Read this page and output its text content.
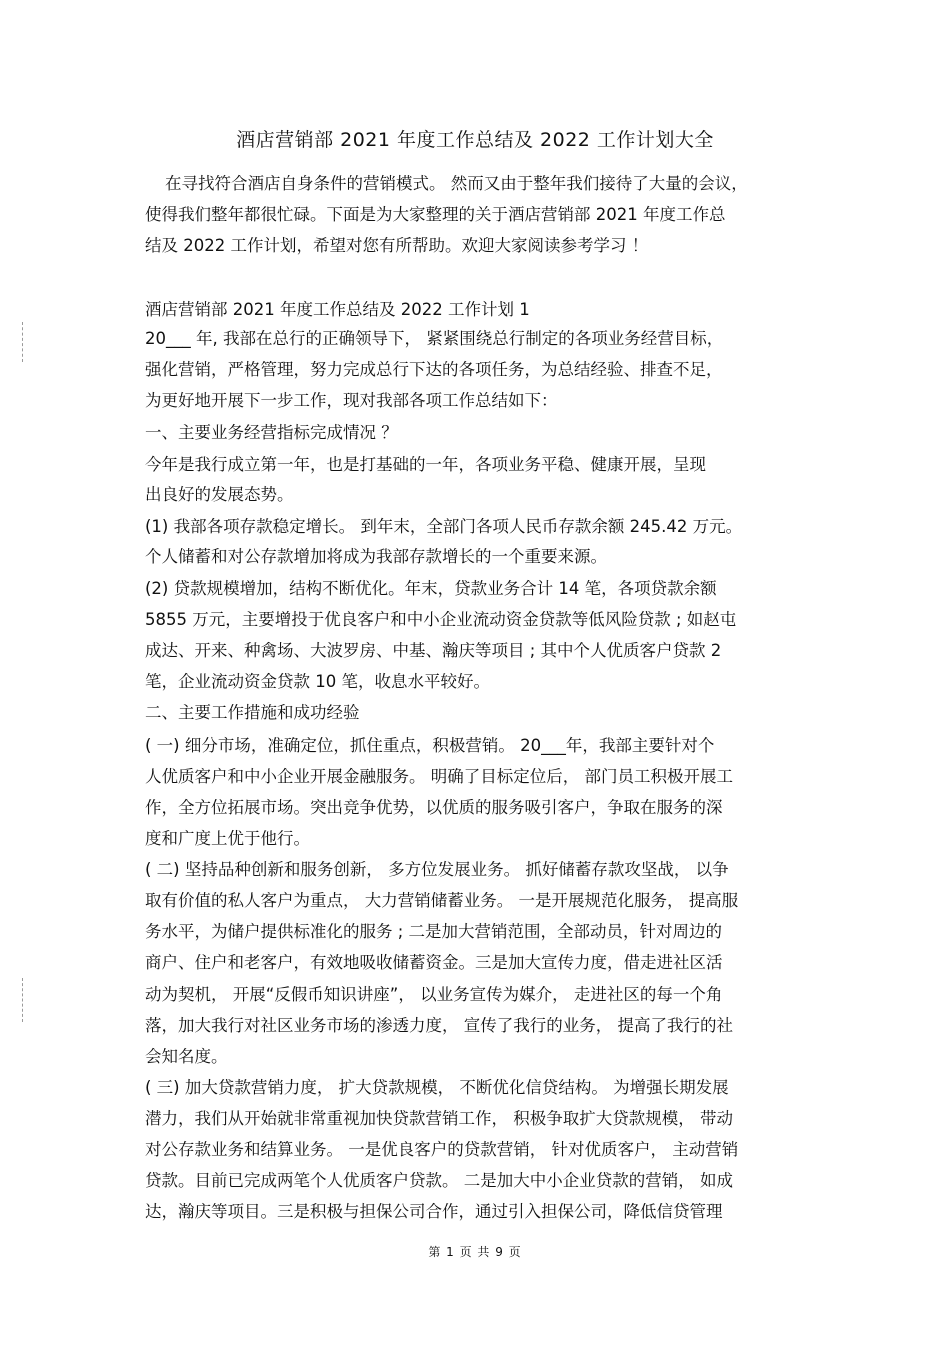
酒店营销部 2021 年度工作总结及 2022 工作计划大全
在寻找符合酒店自身条件的营销模式。 然而又由于整年我们接待了大量的会议，
使得我们整年都很忙碌。下面是为大家整理的关于酒店营销部 2021 年度工作总
结及 2022 工作计划，希望对您有所帮助。欢迎大家阅读参考学习 ！
酒店营销部 2021 年度工作总结及 2022 工作计划 1
20___ 年, 我部在总行的正确领导下， 紧紧围绕总行制定的各项业务经营目标，
强化营销，严格管理，努力完成总行下达的各项任务，为总结经验、排查不足，
为更好地开展下一步工作，现对我部各项工作总结如下：
一、主要业务经营指标完成情况 ？
今年是我行成立第一年，也是打基础的一年，各项业务平稳、健康开展，呈现
出良好的发展态势。
(1) 我部各项存款稳定增长。 到年末，全部门各项人民币存款余额 245.42 万元。
个人储蓄和对公存款增加将成为我部存款增长的一个重要来源。
(2) 贷款规模增加，结构不断优化。年末，贷款业务合计 14 笔，各项贷款余额
5855 万元，主要增投于优良客户和中小企业流动资金贷款等低风险贷款 ; 如赵屯
成达、开来、种禽场、大波罗房、中基、瀚庆等项目 ; 其中个人优质客户贷款 2
笔，企业流动资金贷款 10 笔，收息水平较好。
二、主要工作措施和成功经验
( 一) 细分市场，准确定位，抓住重点，积极营销。 20___年，我部主要针对个
人优质客户和中小企业开展金融服务。 明确了目标定位后， 部门员工积极开展工
作，全方位拓展市场。突出竞争优势，以优质的服务吸引客户，争取在服务的深
度和广度上优于他行。
( 二) 坚持品种创新和服务创新， 多方位发展业务。 抓好储蓄存款攻坚战， 以争
取有价值的私人客户为重点， 大力营销储蓄业务。 一是开展规范化服务， 提高服
务水平，为储户提供标准化的服务 ; 二是加大营销范围，全部动员，针对周边的
商户、住户和老客户，有效地吸收储蓄资金。三是加大宣传力度，借走进社区活
动为契机， 开展“反假币知识讲座”， 以业务宣传为媒介， 走进社区的每一个角
落，加大我行对社区业务市场的渗透力度， 宣传了我行的业务， 提高了我行的社
会知名度。
( 三) 加大贷款营销力度， 扩大贷款规模， 不断优化信贷结构。 为增强长期发展
潜力，我们从开始就非常重视加快贷款营销工作， 积极争取扩大贷款规模， 带动
对公存款业务和结算业务。 一是优良客户的贷款营销， 针对优质客户， 主动营销
贷款。目前已完成两笔个人优质客户贷款。 二是加大中小企业贷款的营销， 如成
达，瀚庆等项目。三是积极与担保公司合作，通过引入担保公司，降低信贷管理
第 1 页 共 9 页
